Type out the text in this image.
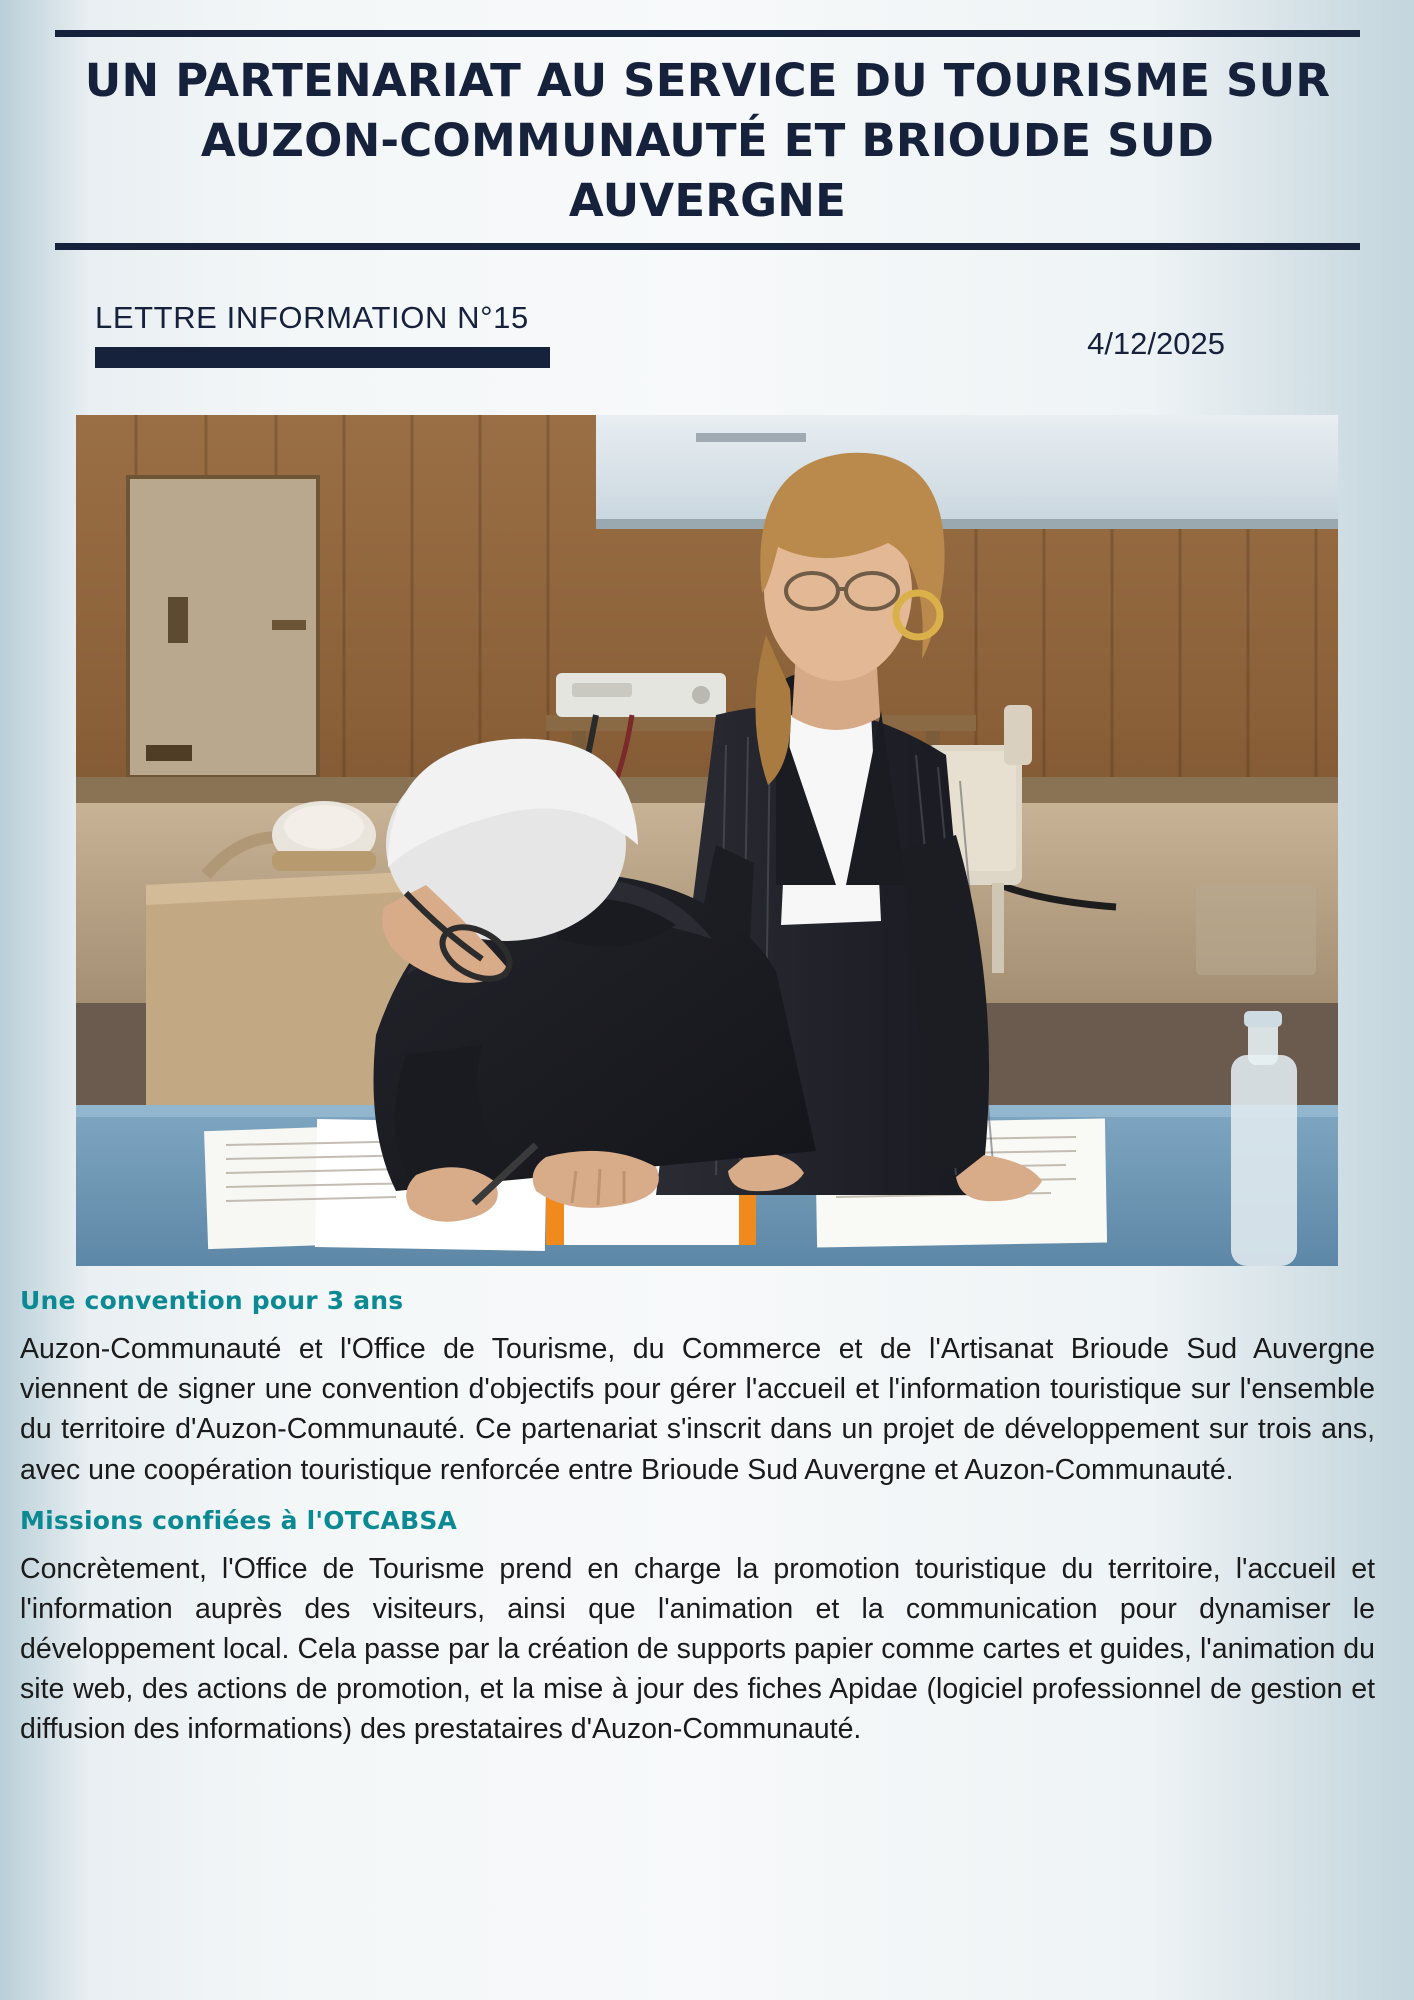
UN PARTENARIAT AU SERVICE DU TOURISME SUR
AUZON-COMMUNAUTÉ ET BRIOUDE SUD AUVERGNE
LETTRE INFORMATION N°15
4/12/2025
Une convention pour 3 ans

Auzon-Communauté et l'Office de Tourisme, du Commerce et de l'Artisanat Brioude Sud Auvergne viennent de signer une convention d'objectifs pour gérer l'accueil et l'information touristique sur l'ensemble du territoire d'Auzon-Communauté. Ce partenariat s'inscrit dans un projet de développement sur trois ans, avec une coopération touristique renforcée entre Brioude Sud Auvergne et Auzon-Communauté.

Missions confiées à l'OTCABSA

Concrètement, l'Office de Tourisme prend en charge la promotion touristique du territoire, l'accueil et l'information auprès des visiteurs, ainsi que l'animation et la communication pour dynamiser le développement local. Cela passe par la création de supports papier comme cartes et guides, l'animation du site web, des actions de promotion, et la mise à jour des fiches Apidae (logiciel professionnel de gestion et diffusion des informations) des prestataires d'Auzon-Communauté.
